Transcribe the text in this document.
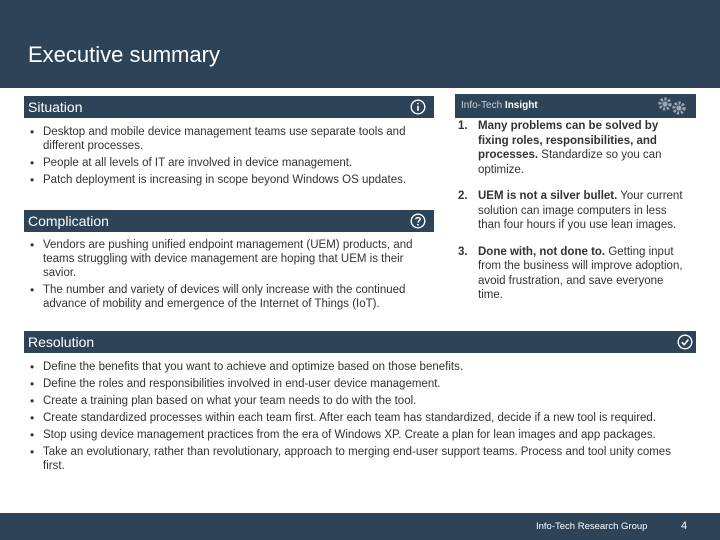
Executive summary
Situation
• Desktop and mobile device management teams use separate tools and different processes.
• People at all levels of IT are involved in device management.
• Patch deployment is increasing in scope beyond Windows OS updates.
Complication
• Vendors are pushing unified endpoint management (UEM) products, and teams struggling with device management are hoping that UEM is their savior.
• The number and variety of devices will only increase with the continued advance of mobility and emergence of the Internet of Things (IoT).
Info-Tech Insight
1. Many problems can be solved by fixing roles, responsibilities, and processes. Standardize so you can optimize.
2. UEM is not a silver bullet. Your current solution can image computers in less than four hours if you use lean images.
3. Done with, not done to. Getting input from the business will improve adoption, avoid frustration, and save everyone time.
Resolution
• Define the benefits that you want to achieve and optimize based on those benefits.
• Define the roles and responsibilities involved in end-user device management.
• Create a training plan based on what your team needs to do with the tool.
• Create standardized processes within each team first. After each team has standardized, decide if a new tool is required.
• Stop using device management practices from the era of Windows XP. Create a plan for lean images and app packages.
• Take an evolutionary, rather than revolutionary, approach to merging end-user support teams. Process and tool unity comes first.
Info-Tech Research Group	4
